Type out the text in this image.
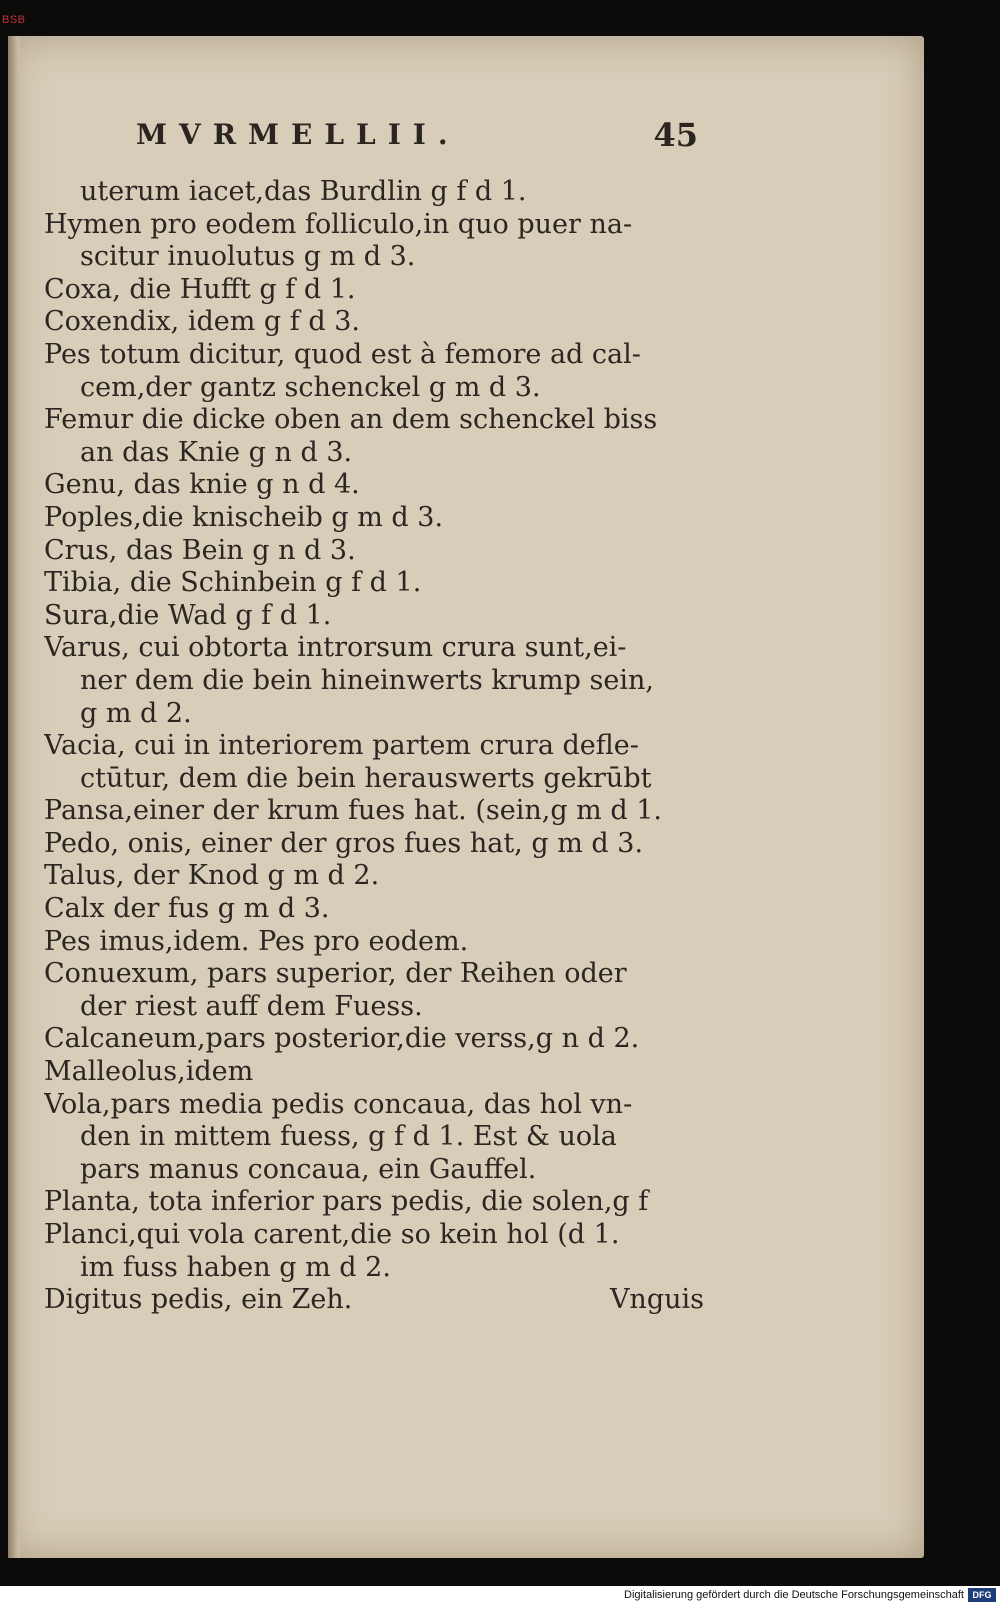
BSB
MVRMELLII.	45
uterum iacet,das Burdlin g f d 1.
Hymen pro eodem folliculo,in quo puer na-
scitur inuolutus g m d 3.
Coxa, die Hufft g f d 1.
Coxendix, idem g f d 3.
Pes totum dicitur, quod est à femore ad cal-
cem,der gantz schenckel g m d 3.
Femur die dicke oben an dem schenckel biss
an das Knie g n d 3.
Genu, das knie g n d 4.
Poples,die knischeib g m d 3.
Crus, das Bein g n d 3.
Tibia, die Schinbein g f d 1.
Sura,die Wad g f d 1.
Varus, cui obtorta introrsum crura sunt,ei-
ner dem die bein hineinwerts krump sein,
g m d 2.
Vacia, cui in interiorem partem crura defle-
ctūtur, dem die bein herauswerts gekrūbt
Pansa,einer der krum fues hat. (sein,g m d 1.
Pedo, onis, einer der gros fues hat, g m d 3.
Talus, der Knod g m d 2.
Calx der fus g m d 3.
Pes imus,idem. Pes pro eodem.
Conuexum, pars superior, der Reihen oder
der riest auff dem Fuess.
Calcaneum,pars posterior,die verss,g n d 2.
Malleolus,idem
Vola,pars media pedis concaua, das hol vn-
den in mittem fuess, g f d 1. Est & uola
pars manus concaua, ein Gauffel.
Planta, tota inferior pars pedis, die solen,g f
Planci,qui vola carent,die so kein hol (d 1.
im fuss haben g m d 2.
Digitus pedis, ein Zeh.	Vnguis
Digitalisierung gefördert durch die Deutsche Forschungsgemeinschaft DFG
